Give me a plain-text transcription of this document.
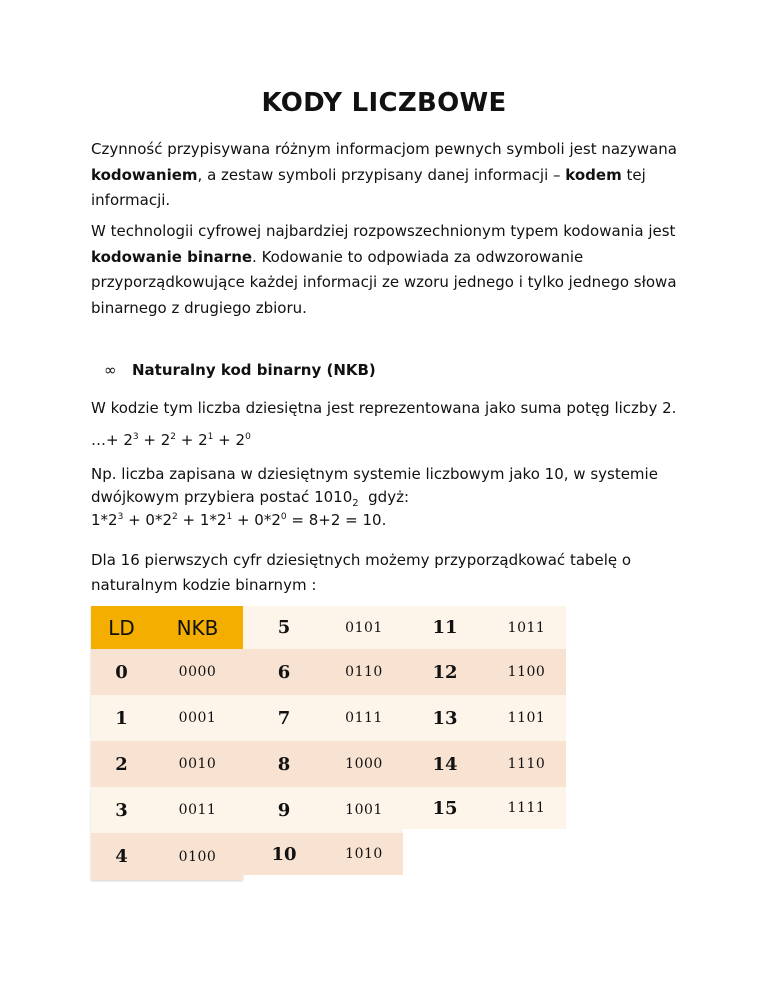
KODY LICZBOWE

Czynność przypisywana różnym informacjom pewnych symboli jest nazywana kodowaniem, a zestaw symboli przypisany danej informacji – kodem tej informacji.

W technologii cyfrowej najbardziej rozpowszechnionym typem kodowania jest kodowanie binarne. Kodowanie to odpowiada za odwzorowanie przyporządkowujące każdej informacji ze wzoru jednego i tylko jednego słowa binarnego z drugiego zbioru.

∞ Naturalny kod binarny (NKB)

W kodzie tym liczba dziesiętna jest reprezentowana jako suma potęg liczby 2.

…+ $2^3 + 2^2 + 2^1 + 2^0$

Np. liczba zapisana w dziesiętnym systemie liczbowym jako 10, w systemie
dwójkowym przybiera postać $1010_2$  gdyż:
$1*2^3 + 0*2^2 + 1*2^1 + 0*2^0 = 8+2 = 10$.

Dla 16 pierwszych cyfr dziesiętnych możemy przyporządkować tabelę o naturalnym kodzie binarnym :

LD	NKB
0	0000
1	0001
2	0010
3	0011
4	0100
5	0101
6	0110
7	0111
8	1000
9	1001
10	1010
11	1011
12	1100
13	1101
14	1110
15	1111
